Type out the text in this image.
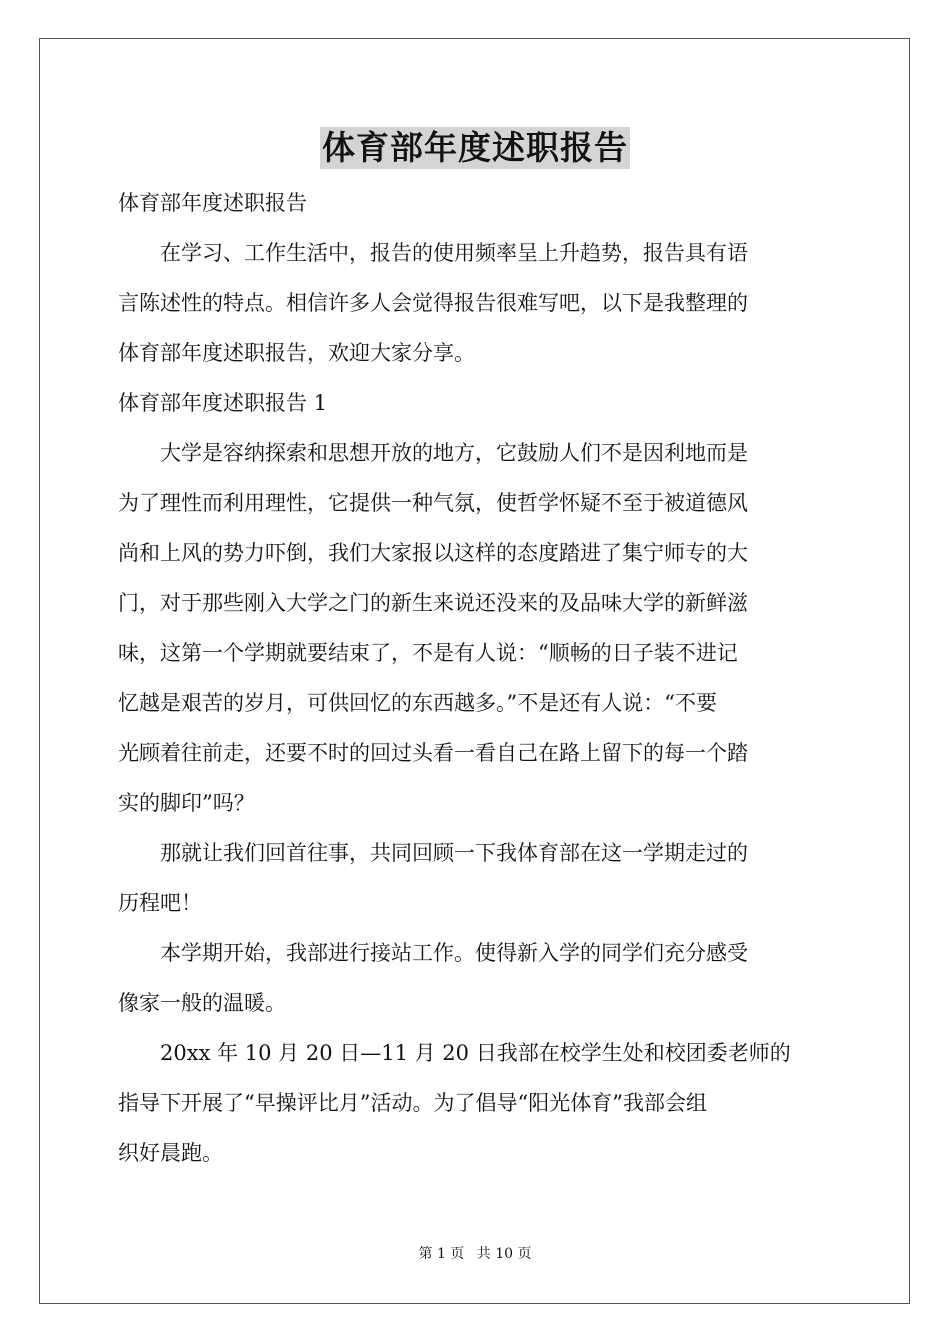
体育部年度述职报告
体育部年度述职报告
　　在学习、工作生活中，报告的使用频率呈上升趋势，报告具有语
言陈述性的特点。相信许多人会觉得报告很难写吧，以下是我整理的
体育部年度述职报告，欢迎大家分享。
体育部年度述职报告 1
　　大学是容纳探索和思想开放的地方，它鼓励人们不是因利地而是
为了理性而利用理性，它提供一种气氛，使哲学怀疑不至于被道德风
尚和上风的势力吓倒，我们大家报以这样的态度踏进了集宁师专的大
门，对于那些刚入大学之门的新生来说还没来的及品味大学的新鲜滋
味，这第一个学期就要结束了，不是有人说：“顺畅的日子装不进记
忆越是艰苦的岁月，可供回忆的东西越多。”不是还有人说：“不要
光顾着往前走，还要不时的回过头看一看自己在路上留下的每一个踏
实的脚印”吗？
　　那就让我们回首往事，共同回顾一下我体育部在这一学期走过的
历程吧！
　　本学期开始，我部进行接站工作。使得新入学的同学们充分感受
像家一般的温暖。
　　20xx 年 10 月 20 日—11 月 20 日我部在校学生处和校团委老师的
指导下开展了“早操评比月”活动。为了倡导“阳光体育”我部会组
织好晨跑。
第 1 页 共 10 页
